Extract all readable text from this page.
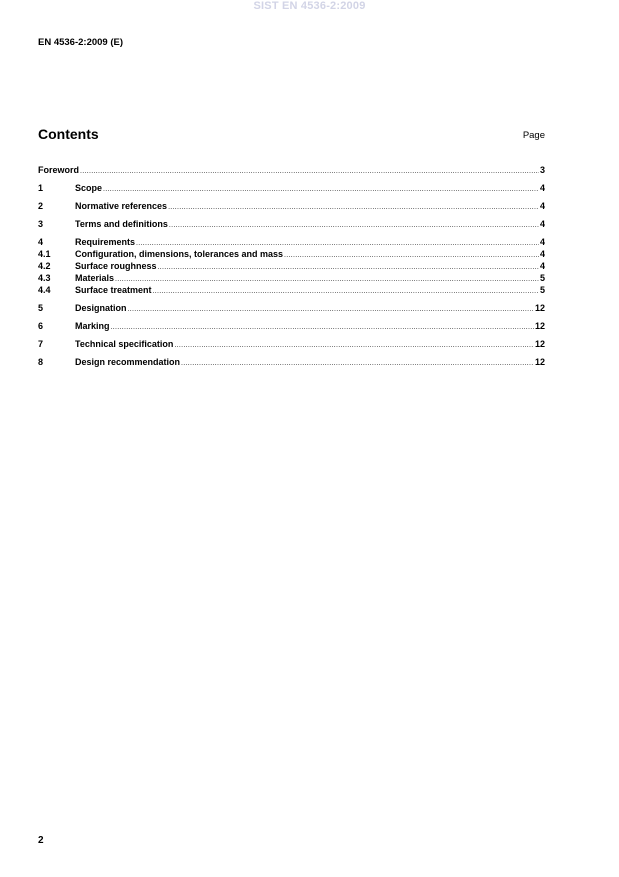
SIST EN 4536-2:2009
EN 4536-2:2009 (E)
Contents	Page
Foreword .....	3
1	Scope .....	4
2	Normative references .....	4
3	Terms and definitions .....	4
4	Requirements .....	4
4.1	Configuration, dimensions, tolerances and mass .....	4
4.2	Surface roughness .....	4
4.3	Materials .....	5
4.4	Surface treatment .....	5
5	Designation .....	12
6	Marking .....	12
7	Technical specification .....	12
8	Design recommendation .....	12
2
